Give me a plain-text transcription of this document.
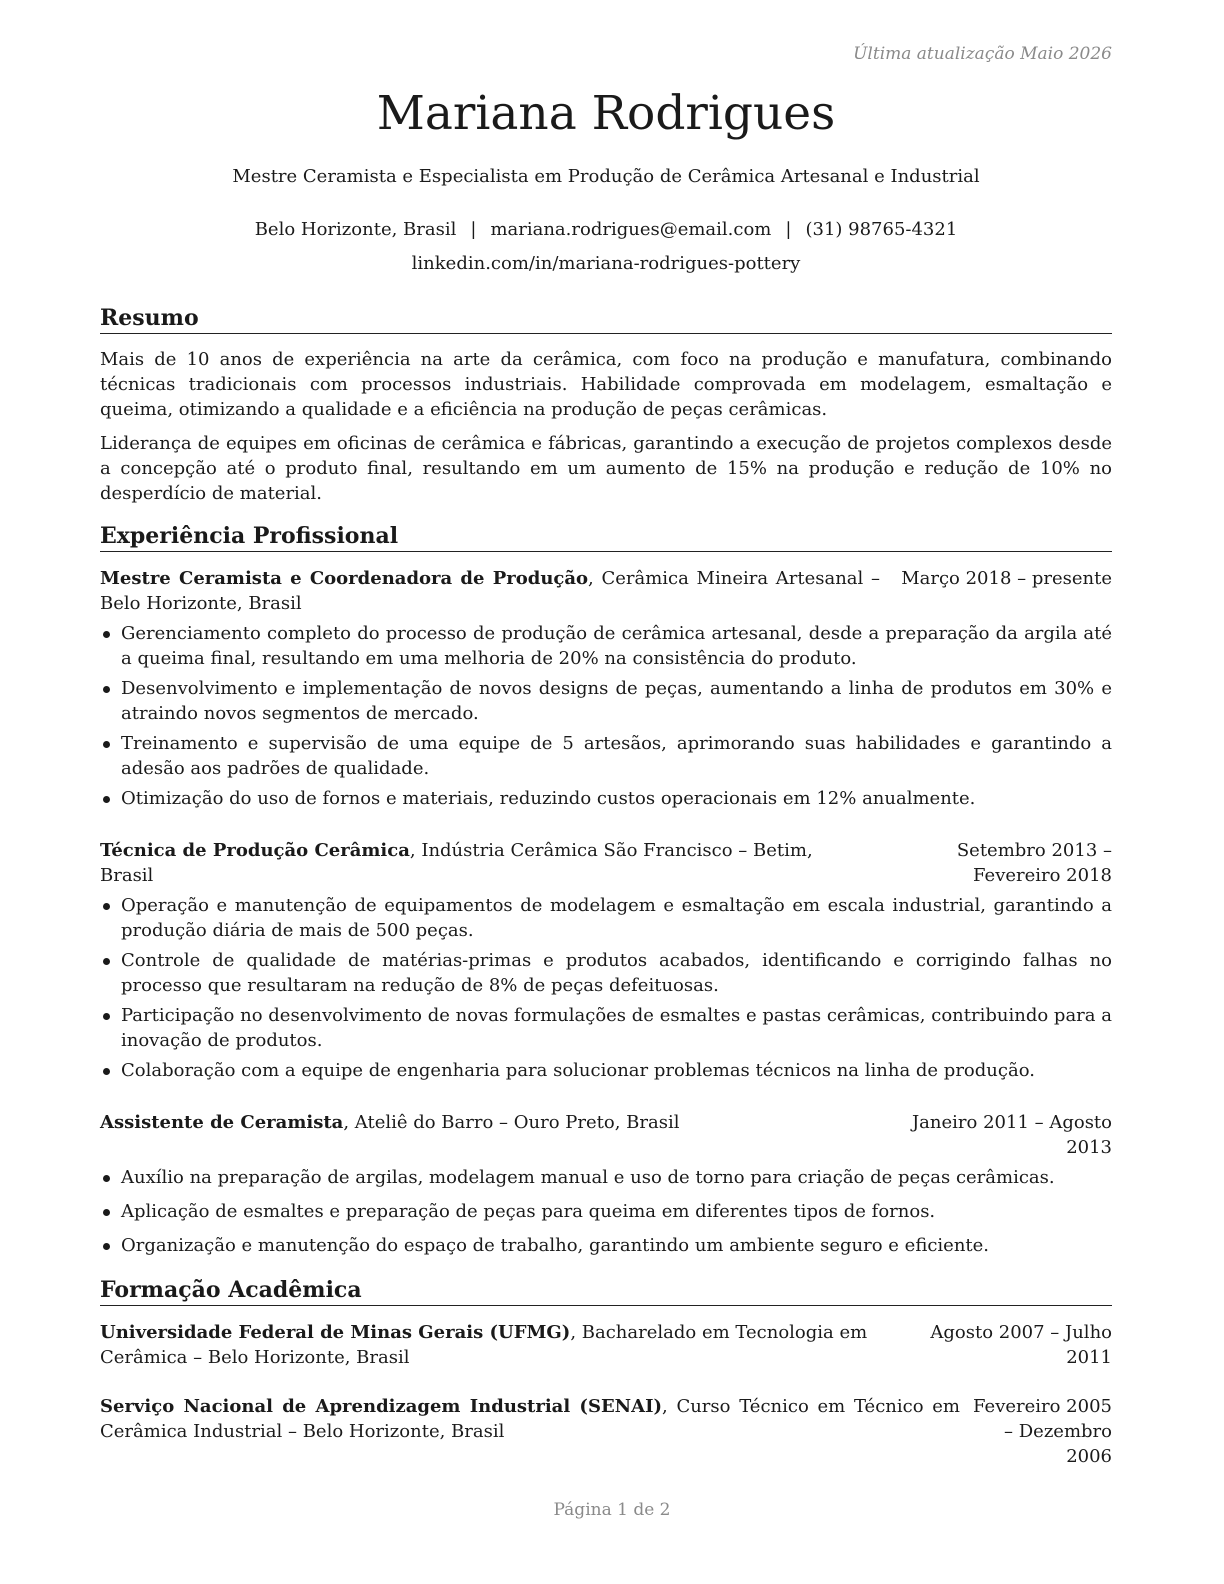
Última atualização Maio 2026
Mariana Rodrigues
Mestre Ceramista e Especialista em Produção de Cerâmica Artesanal e Industrial
Belo Horizonte, Brasil | mariana.rodrigues@email.com | (31) 98765-4321
linkedin.com/in/mariana-rodrigues-pottery
Resumo

Mais de 10 anos de experiência na arte da cerâmica, com foco na produção e manufatura, combinando técnicas tradicionais com processos industriais. Habilidade comprovada em modelagem, esmaltação e queima, otimizando a qualidade e a eficiência na produção de peças cerâmicas.

Liderança de equipes em oficinas de cerâmica e fábricas, garantindo a execução de projetos complexos desde a concepção até o produto final, resultando em um aumento de 15% na produção e redução de 10% no desperdício de material.

Experiência Profissional
Mestre Ceramista e Coordenadora de Produção, Cerâmica Mineira Artesanal – Belo Horizonte, Brasil
Março 2018 – presente
Gerenciamento completo do processo de produção de cerâmica artesanal, desde a preparação da argila até a queima final, resultando em uma melhoria de 20% na consistência do produto.
Desenvolvimento e implementação de novos designs de peças, aumentando a linha de produtos em 30% e atraindo novos segmentos de mercado.
Treinamento e supervisão de uma equipe de 5 artesãos, aprimorando suas habilidades e garantindo a adesão aos padrões de qualidade.
Otimização do uso de fornos e materiais, reduzindo custos operacionais em 12% anualmente.
Técnica de Produção Cerâmica, Indústria Cerâmica São Francisco – Betim, Brasil
Setembro 2013 – Fevereiro 2018
Operação e manutenção de equipamentos de modelagem e esmaltação em escala industrial, garantindo a produção diária de mais de 500 peças.
Controle de qualidade de matérias-primas e produtos acabados, identificando e corrigindo falhas no processo que resultaram na redução de 8% de peças defeituosas.
Participação no desenvolvimento de novas formulações de esmaltes e pastas cerâmicas, contribuindo para a inovação de produtos.
Colaboração com a equipe de engenharia para solucionar problemas técnicos na linha de produção.
Assistente de Ceramista, Ateliê do Barro – Ouro Preto, Brasil	Janeiro 2011 – Agosto 2013
Auxílio na preparação de argilas, modelagem manual e uso de torno para criação de peças cerâmicas.
Aplicação de esmaltes e preparação de peças para queima em diferentes tipos de fornos.
Organização e manutenção do espaço de trabalho, garantindo um ambiente seguro e eficiente.
Formação Acadêmica
Universidade Federal de Minas Gerais (UFMG), Bacharelado em Tecnologia em Cerâmica – Belo Horizonte, Brasil
Agosto 2007 – Julho 2011
Serviço Nacional de Aprendizagem Industrial (SENAI), Curso Técnico em Técnico em Cerâmica Industrial – Belo Horizonte, Brasil
Fevereiro 2005 – Dezembro 2006
Página 1 de 2
